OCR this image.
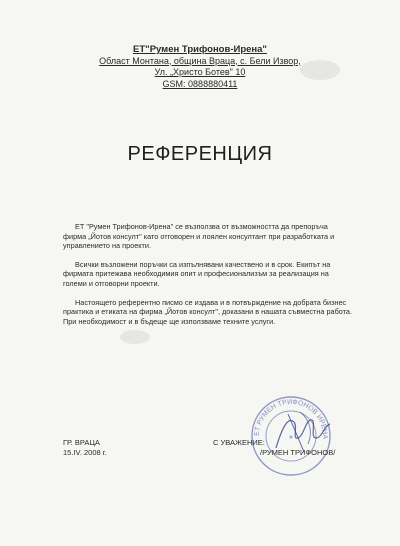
ЕТ"Румен Трифонов-Ирена"
Област Монтана, община Враца, с. Бели Извор,
Ул. „Христо Ботев" 10
GSM: 0888880411
РЕФЕРЕНЦИЯ

ЕТ "Румен Трифонов-Ирена" се възползва от възможността да препоръча фирма „Йотов консулт" като отговорен и лоялен консултант при разработката и управлението на проекти.

Всички възложени поръчки са изпълнявани качествено и в срок. Екипът на фирмата притежава необходимия опит и професионализъм за реализация на големи и отговорни проекти.

Настоящето референтно писмо се издава и в потвърждение на добрата бизнес практика и етиката на фирма „Йотов консулт", доказани в нашата съвместна работа. При необходимост и в бъдеще ще използваме техните услуги.

ГР. ВРАЦА
15.IV. 2008 г.
ЕТ РУМЕН ТРИФОНОВ ИРЕНА
★
С УВАЖЕНИЕ:
/РУМЕН ТРИФОНОВ/
